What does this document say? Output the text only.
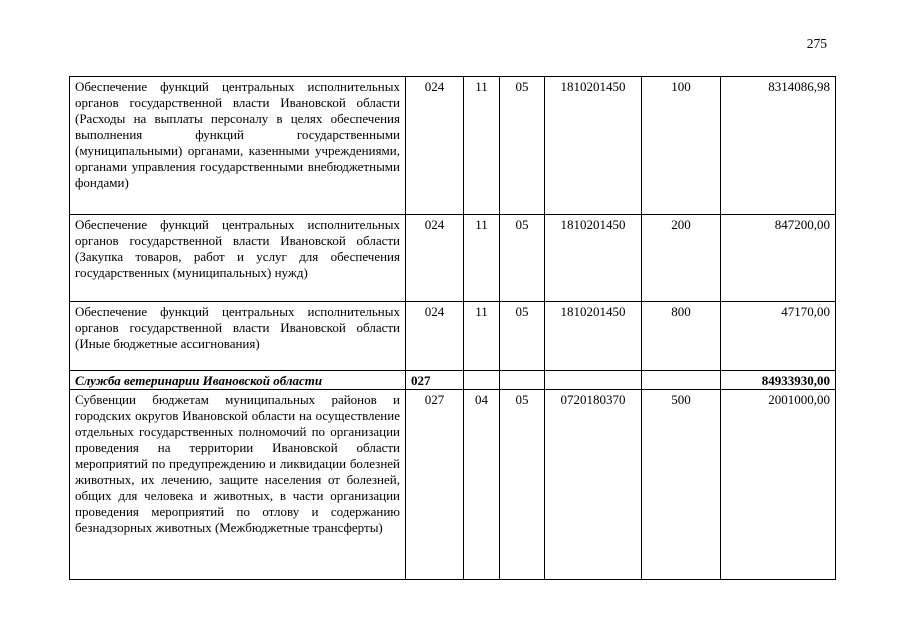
275
Обеспечение функций центральных исполнительных органов государственной власти Ивановской области (Расходы на выплаты персоналу в целях обеспечения выполнения функций государственными (муниципальными) органами, казенными учреждениями, органами управления государственными внебюджетными фондами)	024	11	05	1810201450	100	8314086,98
Обеспечение функций центральных исполнительных органов государственной власти Ивановской области (Закупка товаров, работ и услуг для обеспечения государственных (муниципальных) нужд)	024	11	05	1810201450	200	847200,00
Обеспечение функций центральных исполнительных органов государственной власти Ивановской области (Иные бюджетные ассигнования)	024	11	05	1810201450	800	47170,00
Служба ветеринарии Ивановской области	027					84933930,00
Субвенции бюджетам муниципальных районов и городских округов Ивановской области на осуществление отдельных государственных полномочий по организации проведения на территории Ивановской области мероприятий по предупреждению и ликвидации болезней животных, их лечению, защите населения от болезней, общих для человека и животных, в части организации проведения мероприятий по отлову и содержанию безнадзорных животных (Межбюджетные трансферты)	027	04	05	0720180370	500	2001000,00
